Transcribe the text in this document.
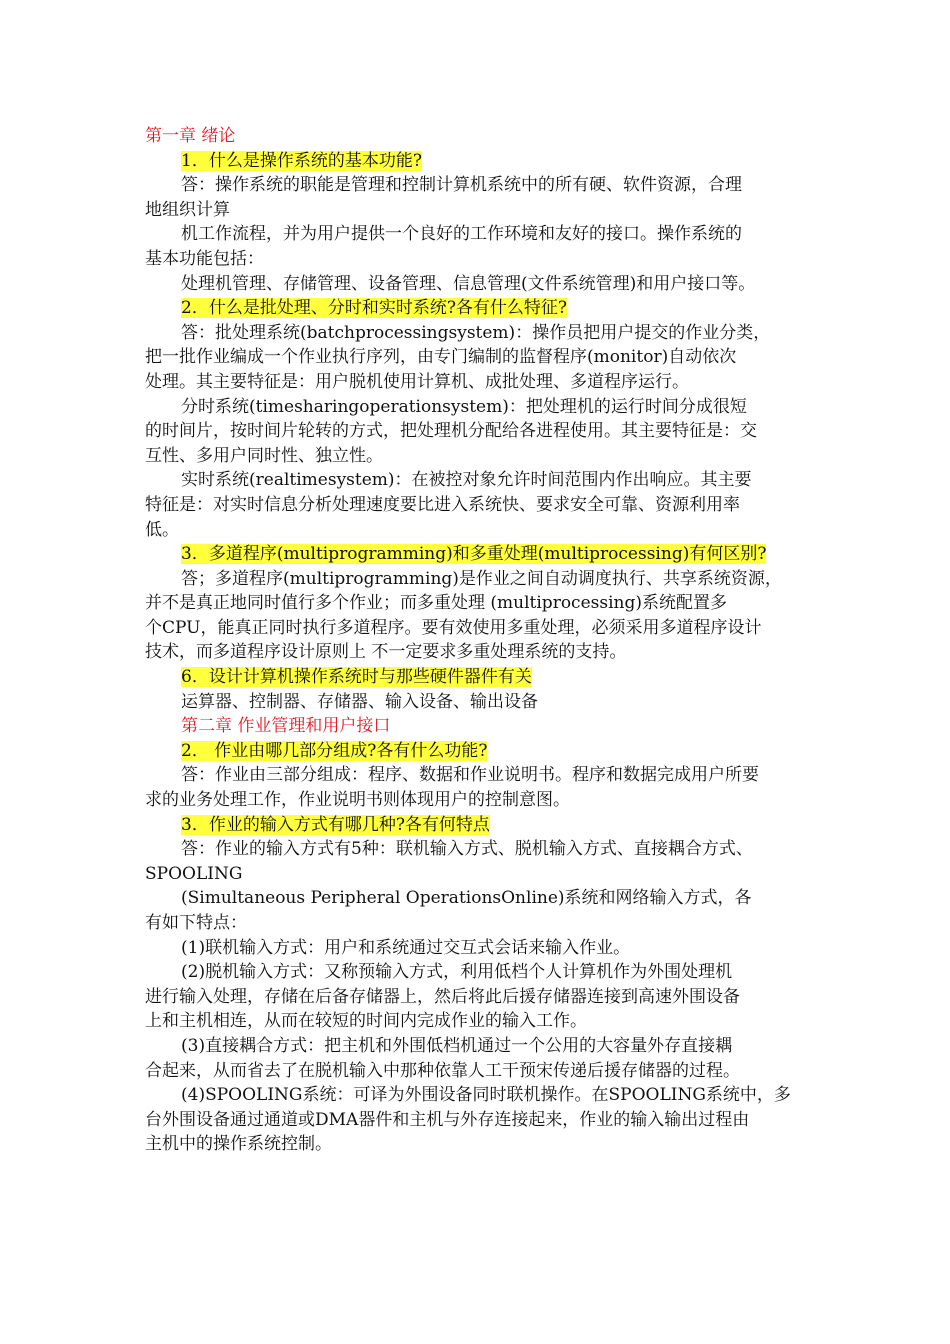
第一章 绪论
1．什么是操作系统的基本功能?
答：操作系统的职能是管理和控制计算机系统中的所有硬、软件资源，合理
地组织计算
机工作流程，并为用户提供一个良好的工作环境和友好的接口。操作系统的
基本功能包括：
处理机管理、存储管理、设备管理、信息管理(文件系统管理)和用户接口等。
2．什么是批处理、分时和实时系统?各有什么特征?
答：批处理系统(batchprocessingsystem)：操作员把用户提交的作业分类，
把一批作业编成一个作业执行序列，由专门编制的监督程序(monitor)自动依次
处理。其主要特征是：用户脱机使用计算机、成批处理、多道程序运行。
分时系统(timesharingoperationsystem)：把处理机的运行时间分成很短
的时间片，按时间片轮转的方式，把处理机分配给各进程使用。其主要特征是：交
互性、多用户同时性、独立性。
实时系统(realtimesystem)：在被控对象允许时间范围内作出响应。其主要
特征是：对实时信息分析处理速度要比进入系统快、要求安全可靠、资源利用率
低。
3．多道程序(multiprogramming)和多重处理(multiprocessing)有何区别?
答；多道程序(multiprogramming)是作业之间自动调度执行、共享系统资源，
并不是真正地同时值行多个作业；而多重处理 (multiprocessing)系统配置多
个CPU，能真正同时执行多道程序。要有效使用多重处理，必须采用多道程序设计
技术，而多道程序设计原则上 不一定要求多重处理系统的支持。
6．设计计算机操作系统时与那些硬件器件有关
运算器、控制器、存储器、输入设备、输出设备
第二章 作业管理和用户接口
2． 作业由哪几部分组成?各有什么功能?
答：作业由三部分组成：程序、数据和作业说明书。程序和数据完成用户所要
求的业务处理工作，作业说明书则体现用户的控制意图。
3．作业的输入方式有哪几种?各有何特点
答：作业的输入方式有5种：联机输入方式、脱机输入方式、直接耦合方式、
SPOOLING
(Simultaneous Peripheral OperationsOnline)系统和网络输入方式，各
有如下特点：
(1)联机输入方式：用户和系统通过交互式会话来输入作业。
(2)脱机输入方式：又称预输入方式，利用低档个人计算机作为外围处理机
进行输入处理，存储在后备存储器上，然后将此后援存储器连接到高速外围设备
上和主机相连，从而在较短的时间内完成作业的输入工作。
(3)直接耦合方式：把主机和外围低档机通过一个公用的大容量外存直接耦
合起来，从而省去了在脱机输入中那种依靠人工干预宋传递后援存储器的过程。
(4)SPOOLING系统：可译为外围设备同时联机操作。在SPOOLING系统中，多
台外围设备通过通道或DMA器件和主机与外存连接起来，作业的输入输出过程由
主机中的操作系统控制。
